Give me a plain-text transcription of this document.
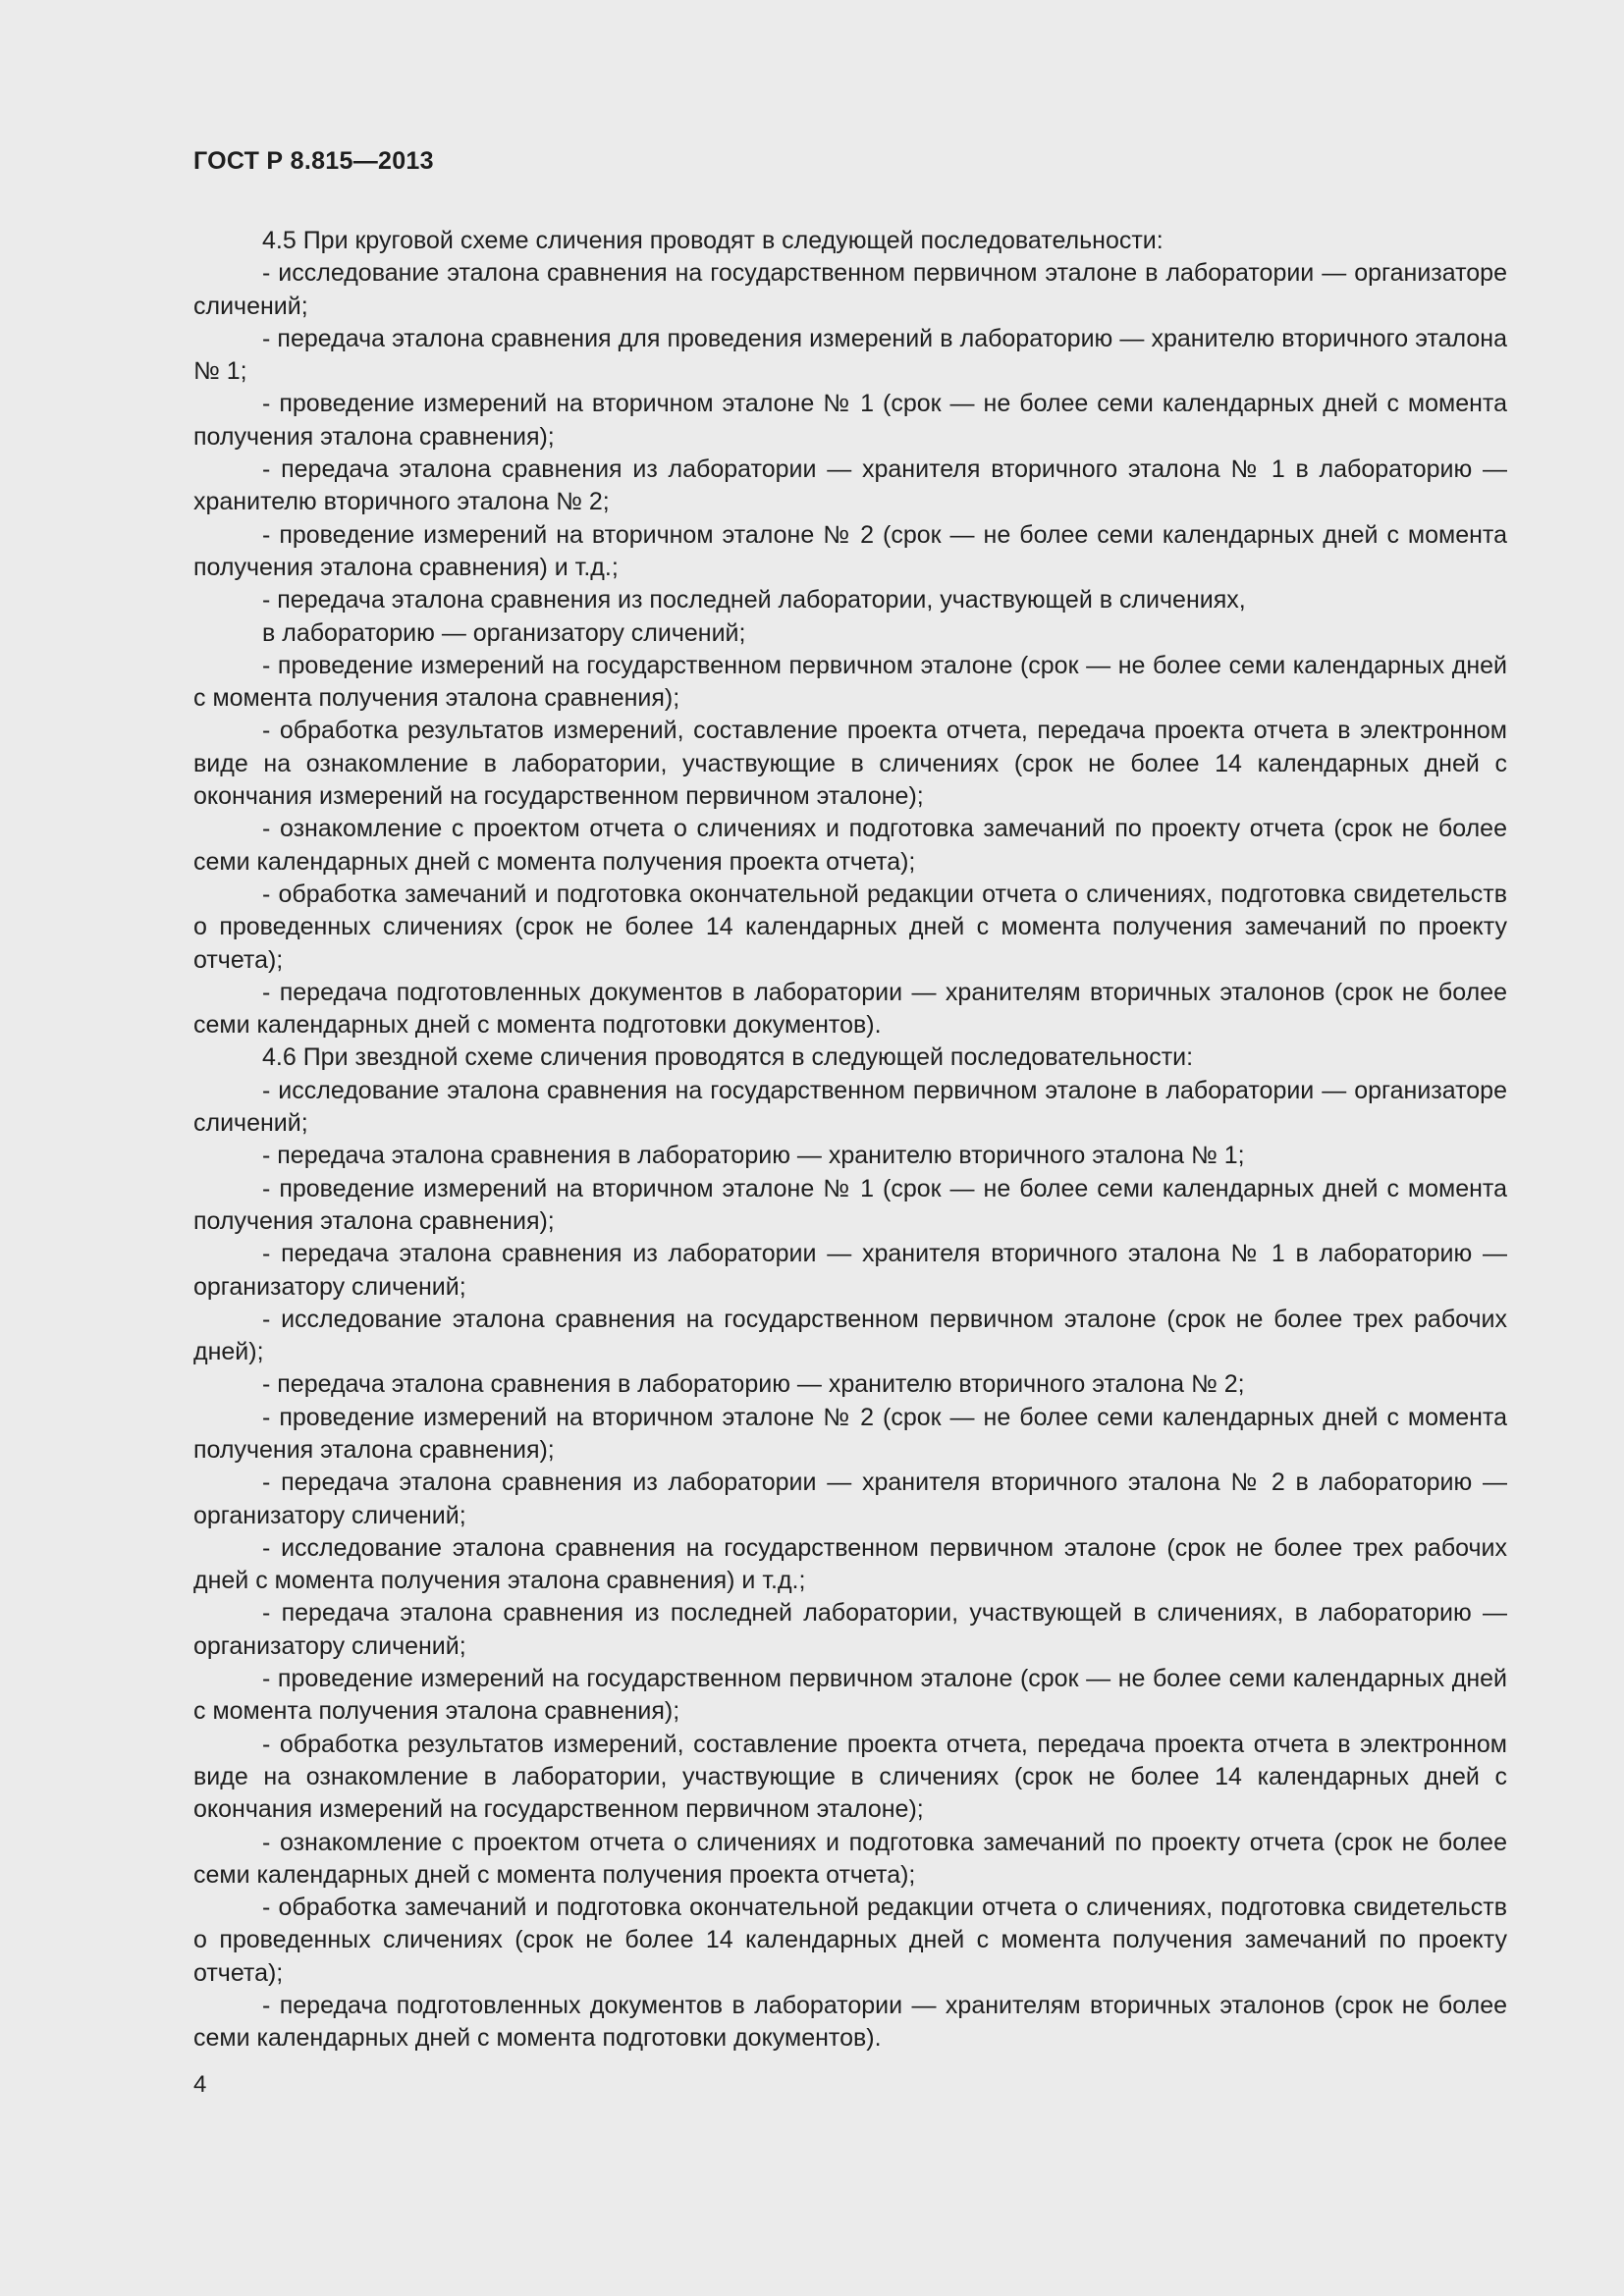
ГОСТ Р 8.815—2013

4.5 При круговой схеме сличения проводят в следующей последовательности:

- исследование эталона сравнения на государственном первичном эталоне в лаборатории — организаторе сличений;

- передача эталона сравнения для проведения измерений в лабораторию — хранителю вторичного эталона № 1;

- проведение измерений на вторичном эталоне № 1 (срок — не более семи календарных дней с момента получения эталона сравнения);

- передача эталона сравнения из лаборатории — хранителя вторичного эталона № 1 в лабораторию — хранителю вторичного эталона № 2;

- проведение измерений на вторичном эталоне № 2 (срок — не более семи календарных дней с момента получения эталона сравнения) и т.д.;

- передача эталона сравнения из последней лаборатории, участвующей в сличениях,

в лабораторию — организатору сличений;

- проведение измерений на государственном первичном эталоне (срок — не более семи календарных дней с момента получения эталона сравнения);

- обработка результатов измерений, составление проекта отчета, передача проекта отчета в электронном виде на ознакомление в лаборатории, участвующие в сличениях (срок не более 14 календарных дней с окончания измерений на государственном первичном эталоне);

- ознакомление с проектом отчета о сличениях и подготовка замечаний по проекту отчета (срок не более семи календарных дней с момента получения проекта отчета);

- обработка замечаний и подготовка окончательной редакции отчета о сличениях, подготовка свидетельств о проведенных сличениях (срок не более 14 календарных дней с момента получения замечаний по проекту отчета);

- передача подготовленных документов в лаборатории — хранителям вторичных эталонов (срок не более семи календарных дней с момента подготовки документов).

4.6 При звездной схеме сличения проводятся в следующей последовательности:

- исследование эталона сравнения на государственном первичном эталоне в лаборатории — организаторе сличений;

- передача эталона сравнения в лабораторию — хранителю вторичного эталона № 1;

- проведение измерений на вторичном эталоне № 1 (срок — не более семи календарных дней с момента получения эталона сравнения);

- передача эталона сравнения из лаборатории — хранителя вторичного эталона № 1 в лабораторию — организатору сличений;

- исследование эталона сравнения на государственном первичном эталоне (срок не более трех рабочих дней);

- передача эталона сравнения в лабораторию — хранителю вторичного эталона № 2;

- проведение измерений на вторичном эталоне № 2 (срок — не более семи календарных дней с момента получения эталона сравнения);

- передача эталона сравнения из лаборатории — хранителя вторичного эталона № 2 в лабораторию — организатору сличений;

- исследование эталона сравнения на государственном первичном эталоне (срок не более трех рабочих дней с момента получения эталона сравнения) и т.д.;

- передача эталона сравнения из последней лаборатории, участвующей в сличениях, в лабораторию — организатору сличений;

- проведение измерений на государственном первичном эталоне (срок — не более семи календарных дней с момента получения эталона сравнения);

- обработка результатов измерений, составление проекта отчета, передача проекта отчета в электронном виде на ознакомление в лаборатории, участвующие в сличениях (срок не более 14 календарных дней с окончания измерений на государственном первичном эталоне);

- ознакомление с проектом отчета о сличениях и подготовка замечаний по проекту отчета (срок не более семи календарных дней с момента получения проекта отчета);

- обработка замечаний и подготовка окончательной редакции отчета о сличениях, подготовка свидетельств о проведенных сличениях (срок не более 14 календарных дней с момента получения замечаний по проекту отчета);

- передача подготовленных документов в лаборатории — хранителям вторичных эталонов (срок не более семи календарных дней с момента подготовки документов).

4
